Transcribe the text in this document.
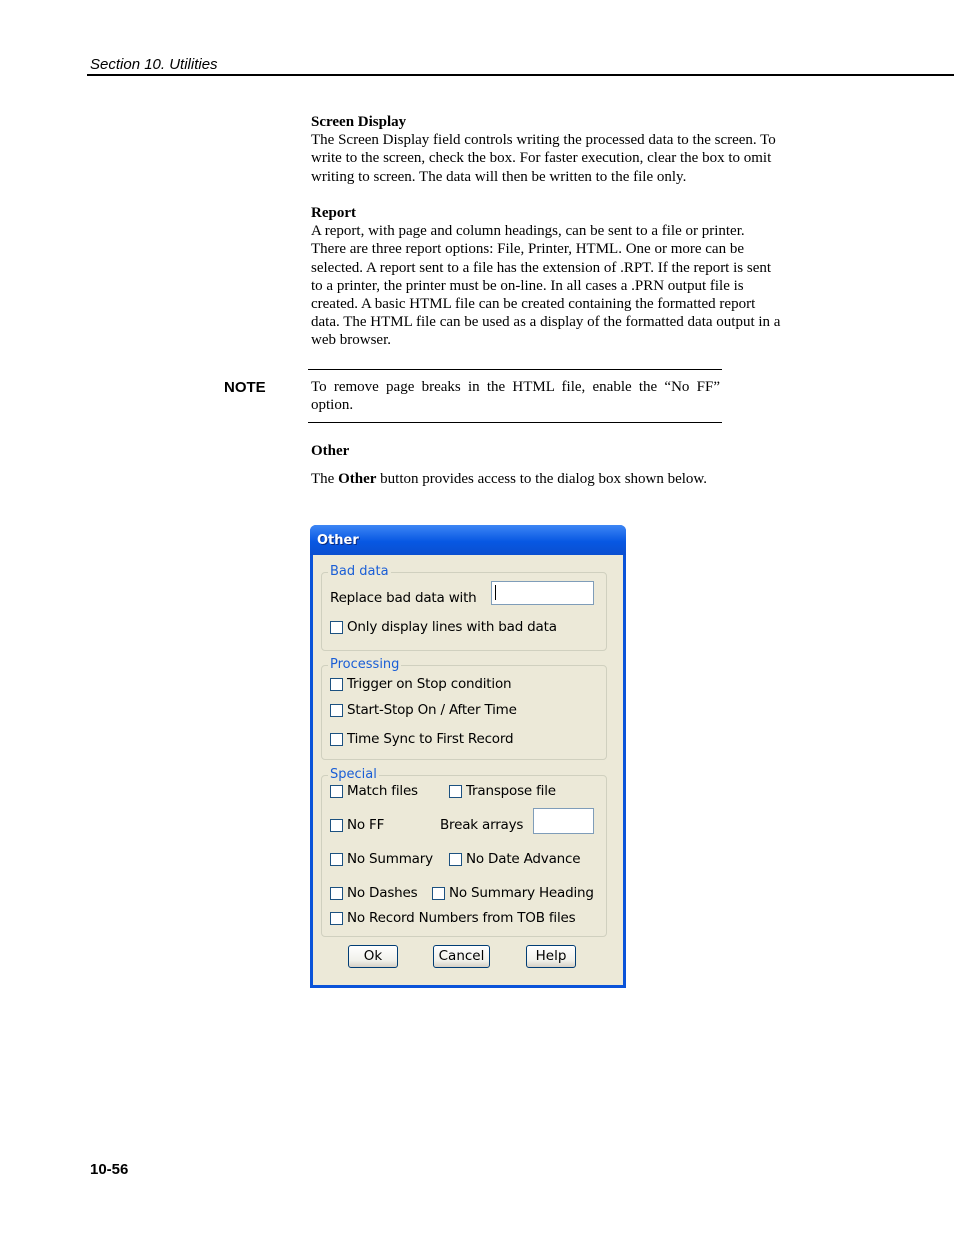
Section 10. Utilities
Screen Display
The Screen Display field controls writing the processed data to the screen. To
write to the screen, check the box. For faster execution, clear the box to omit
writing to screen. The data will then be written to the file only.
Report
A report, with page and column headings, can be sent to a file or printer.
There are three report options: File, Printer, HTML. One or more can be
selected. A report sent to a file has the extension of .RPT. If the report is sent
to a printer, the printer must be on-line. In all cases a .PRN output file is
created. A basic HTML file can be created containing the formatted report
data. The HTML file can be used as a display of the formatted data output in a
web browser.
NOTE	To remove page breaks in the HTML file, enable the “No FF” option.
Other
The Other button provides access to the dialog box shown below.
Other
Bad data
Replace bad data with
Only display lines with bad data
Processing
Trigger on Stop condition
Start-Stop On / After Time
Time Sync to First Record
Special
Match files	Transpose file
No FF	Break arrays
No Summary No Date Advance
No Dashes No Summary Heading
No Record Numbers from TOB files
Ok	Cancel	Help
10-56
